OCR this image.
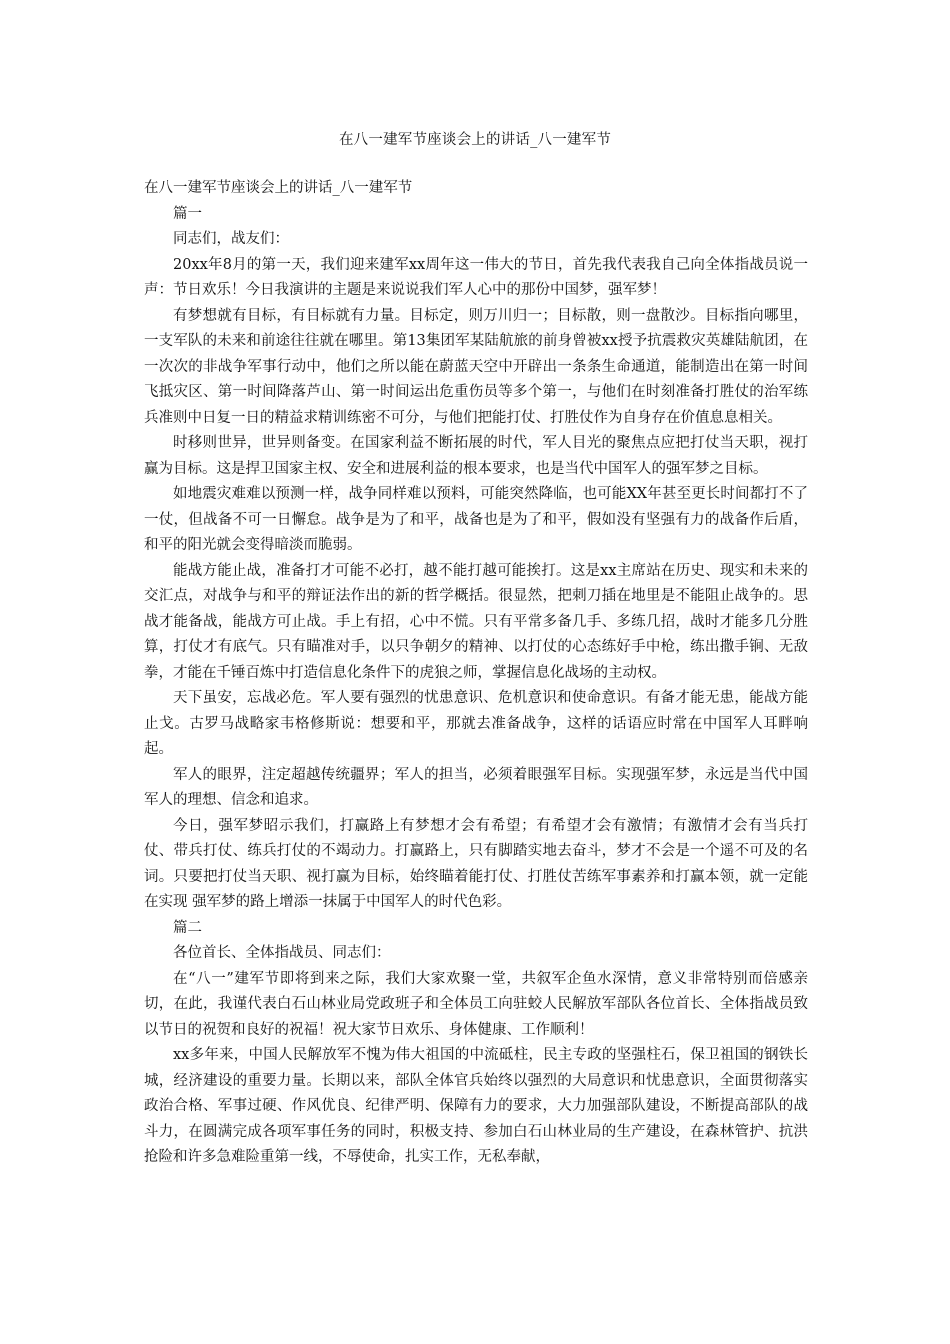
在八一建军节座谈会上的讲话_八一建军节

在八一建军节座谈会上的讲话_八一建军节

篇一

同志们，战友们：

20xx年8月的第一天，我们迎来建军xx周年这一伟大的节日，首先我代表我自己向全体指战员说一声：节日欢乐！今日我演讲的主题是来说说我们军人心中的那份中国梦，强军梦！

有梦想就有目标，有目标就有力量。目标定，则万川归一；目标散，则一盘散沙。目标指向哪里，一支军队的未来和前途往往就在哪里。第13集团军某陆航旅的前身曾被xx授予抗震救灾英雄陆航团，在一次次的非战争军事行动中，他们之所以能在蔚蓝天空中开辟出一条条生命通道，能制造出在第一时间飞抵灾区、第一时间降落芦山、第一时间运出危重伤员等多个第一，与他们在时刻准备打胜仗的治军练兵准则中日复一日的精益求精训练密不可分，与他们把能打仗、打胜仗作为自身存在价值息息相关。

时移则世异，世异则备变。在国家利益不断拓展的时代，军人目光的聚焦点应把打仗当天职，视打赢为目标。这是捍卫国家主权、安全和进展利益的根本要求，也是当代中国军人的强军梦之目标。

如地震灾难难以预测一样，战争同样难以预料，可能突然降临，也可能XX年甚至更长时间都打不了一仗，但战备不可一日懈怠。战争是为了和平，战备也是为了和平，假如没有坚强有力的战备作后盾，和平的阳光就会变得暗淡而脆弱。

能战方能止战，准备打才可能不必打，越不能打越可能挨打。这是xx主席站在历史、现实和未来的交汇点，对战争与和平的辩证法作出的新的哲学概括。很显然，把刺刀插在地里是不能阻止战争的。思战才能备战，能战方可止战。手上有招，心中不慌。只有平常多备几手、多练几招，战时才能多几分胜算，打仗才有底气。只有瞄准对手，以只争朝夕的精神、以打仗的心态练好手中枪，练出撒手锏、无敌拳，才能在千锤百炼中打造信息化条件下的虎狼之师，掌握信息化战场的主动权。

天下虽安，忘战必危。军人要有强烈的忧患意识、危机意识和使命意识。有备才能无患，能战方能止戈。古罗马战略家韦格修斯说：想要和平，那就去准备战争，这样的话语应时常在中国军人耳畔响起。

军人的眼界，注定超越传统疆界；军人的担当，必须着眼强军目标。实现强军梦，永远是当代中国军人的理想、信念和追求。

今日，强军梦昭示我们，打赢路上有梦想才会有希望；有希望才会有激情；有激情才会有当兵打仗、带兵打仗、练兵打仗的不竭动力。打赢路上，只有脚踏实地去奋斗，梦才不会是一个遥不可及的名词。只要把打仗当天职、视打赢为目标，始终瞄着能打仗、打胜仗苦练军事素养和打赢本领，就一定能在实现 强军梦的路上增添一抹属于中国军人的时代色彩。

篇二

各位首长、全体指战员、同志们：

在“八一”建军节即将到来之际，我们大家欢聚一堂，共叙军企鱼水深情，意义非常特别而倍感亲切，在此，我谨代表白石山林业局党政班子和全体员工向驻蛟人民解放军部队各位首长、全体指战员致以节日的祝贺和良好的祝福！祝大家节日欢乐、身体健康、工作顺利！

xx多年来，中国人民解放军不愧为伟大祖国的中流砥柱，民主专政的坚强柱石，保卫祖国的钢铁长城，经济建设的重要力量。长期以来，部队全体官兵始终以强烈的大局意识和忧患意识，全面贯彻落实政治合格、军事过硬、作风优良、纪律严明、保障有力的要求，大力加强部队建设，不断提高部队的战斗力，在圆满完成各项军事任务的同时，积极支持、参加白石山林业局的生产建设，在森林管护、抗洪抢险和许多急难险重第一线，不辱使命，扎实工作，无私奉献，
